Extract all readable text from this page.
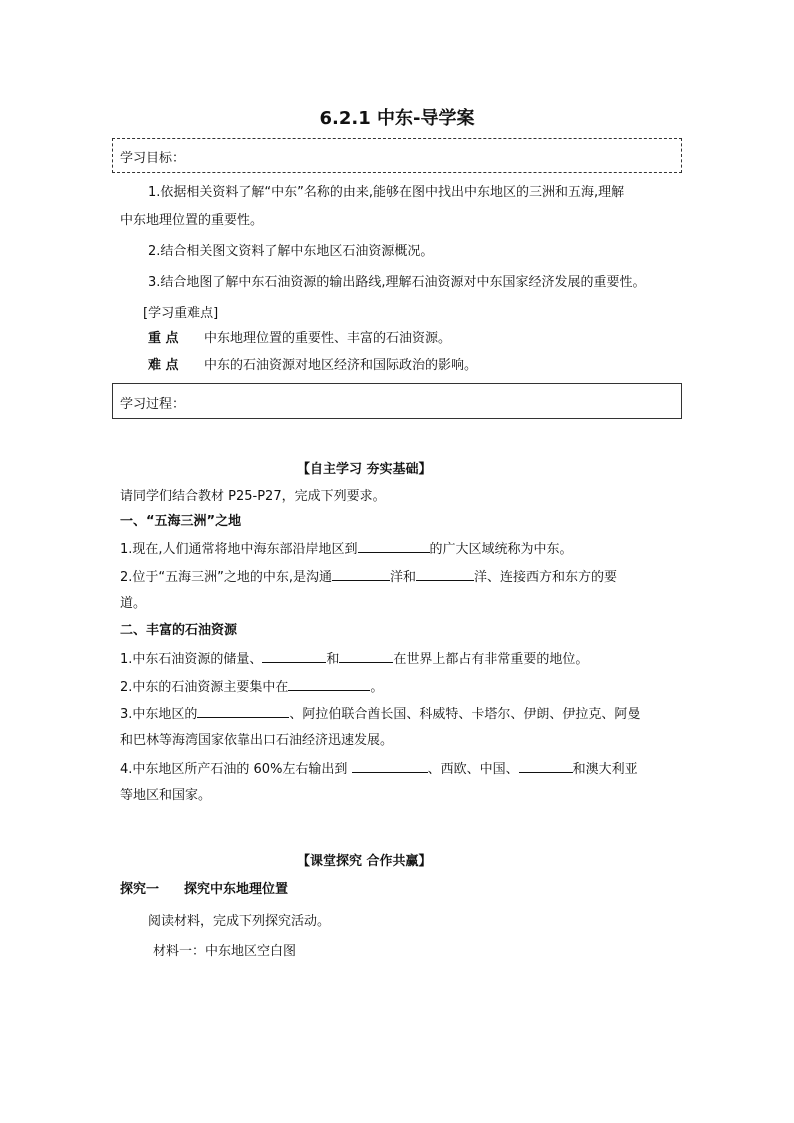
6.2.1 中东-导学案
学习目标：
1.依据相关资料了解“中东”名称的由来,能够在图中找出中东地区的三洲和五海,理解
中东地理位置的重要性。
2.结合相关图文资料了解中东地区石油资源概况。
3.结合地图了解中东石油资源的输出路线,理解石油资源对中东国家经济发展的重要性。
[学习重难点]
重 点 中东地理位置的重要性、丰富的石油资源。
难 点 中东的石油资源对地区经济和国际政治的影响。
学习过程：
【自主学习 夯实基础】
请同学们结合教材 P25-P27，完成下列要求。
一、“五海三洲”之地
1.现在,人们通常将地中海东部沿岸地区到	的广大区域统称为中东。
2.位于“五海三洲”之地的中东,是沟通	洋和	洋、连接西方和东方的要
道。
二、丰富的石油资源
1.中东石油资源的储量、	和	在世界上都占有非常重要的地位。
2.中东的石油资源主要集中在	。
3.中东地区的	、阿拉伯联合酋长国、科威特、卡塔尔、伊朗、伊拉克、阿曼
和巴林等海湾国家依靠出口石油经济迅速发展。
4.中东地区所产石油的 60%左右输出到	、西欧、中国、	和澳大利亚
等地区和国家。
【课堂探究 合作共赢】
探究一 探究中东地理位置
阅读材料，完成下列探究活动。
材料一：中东地区空白图
